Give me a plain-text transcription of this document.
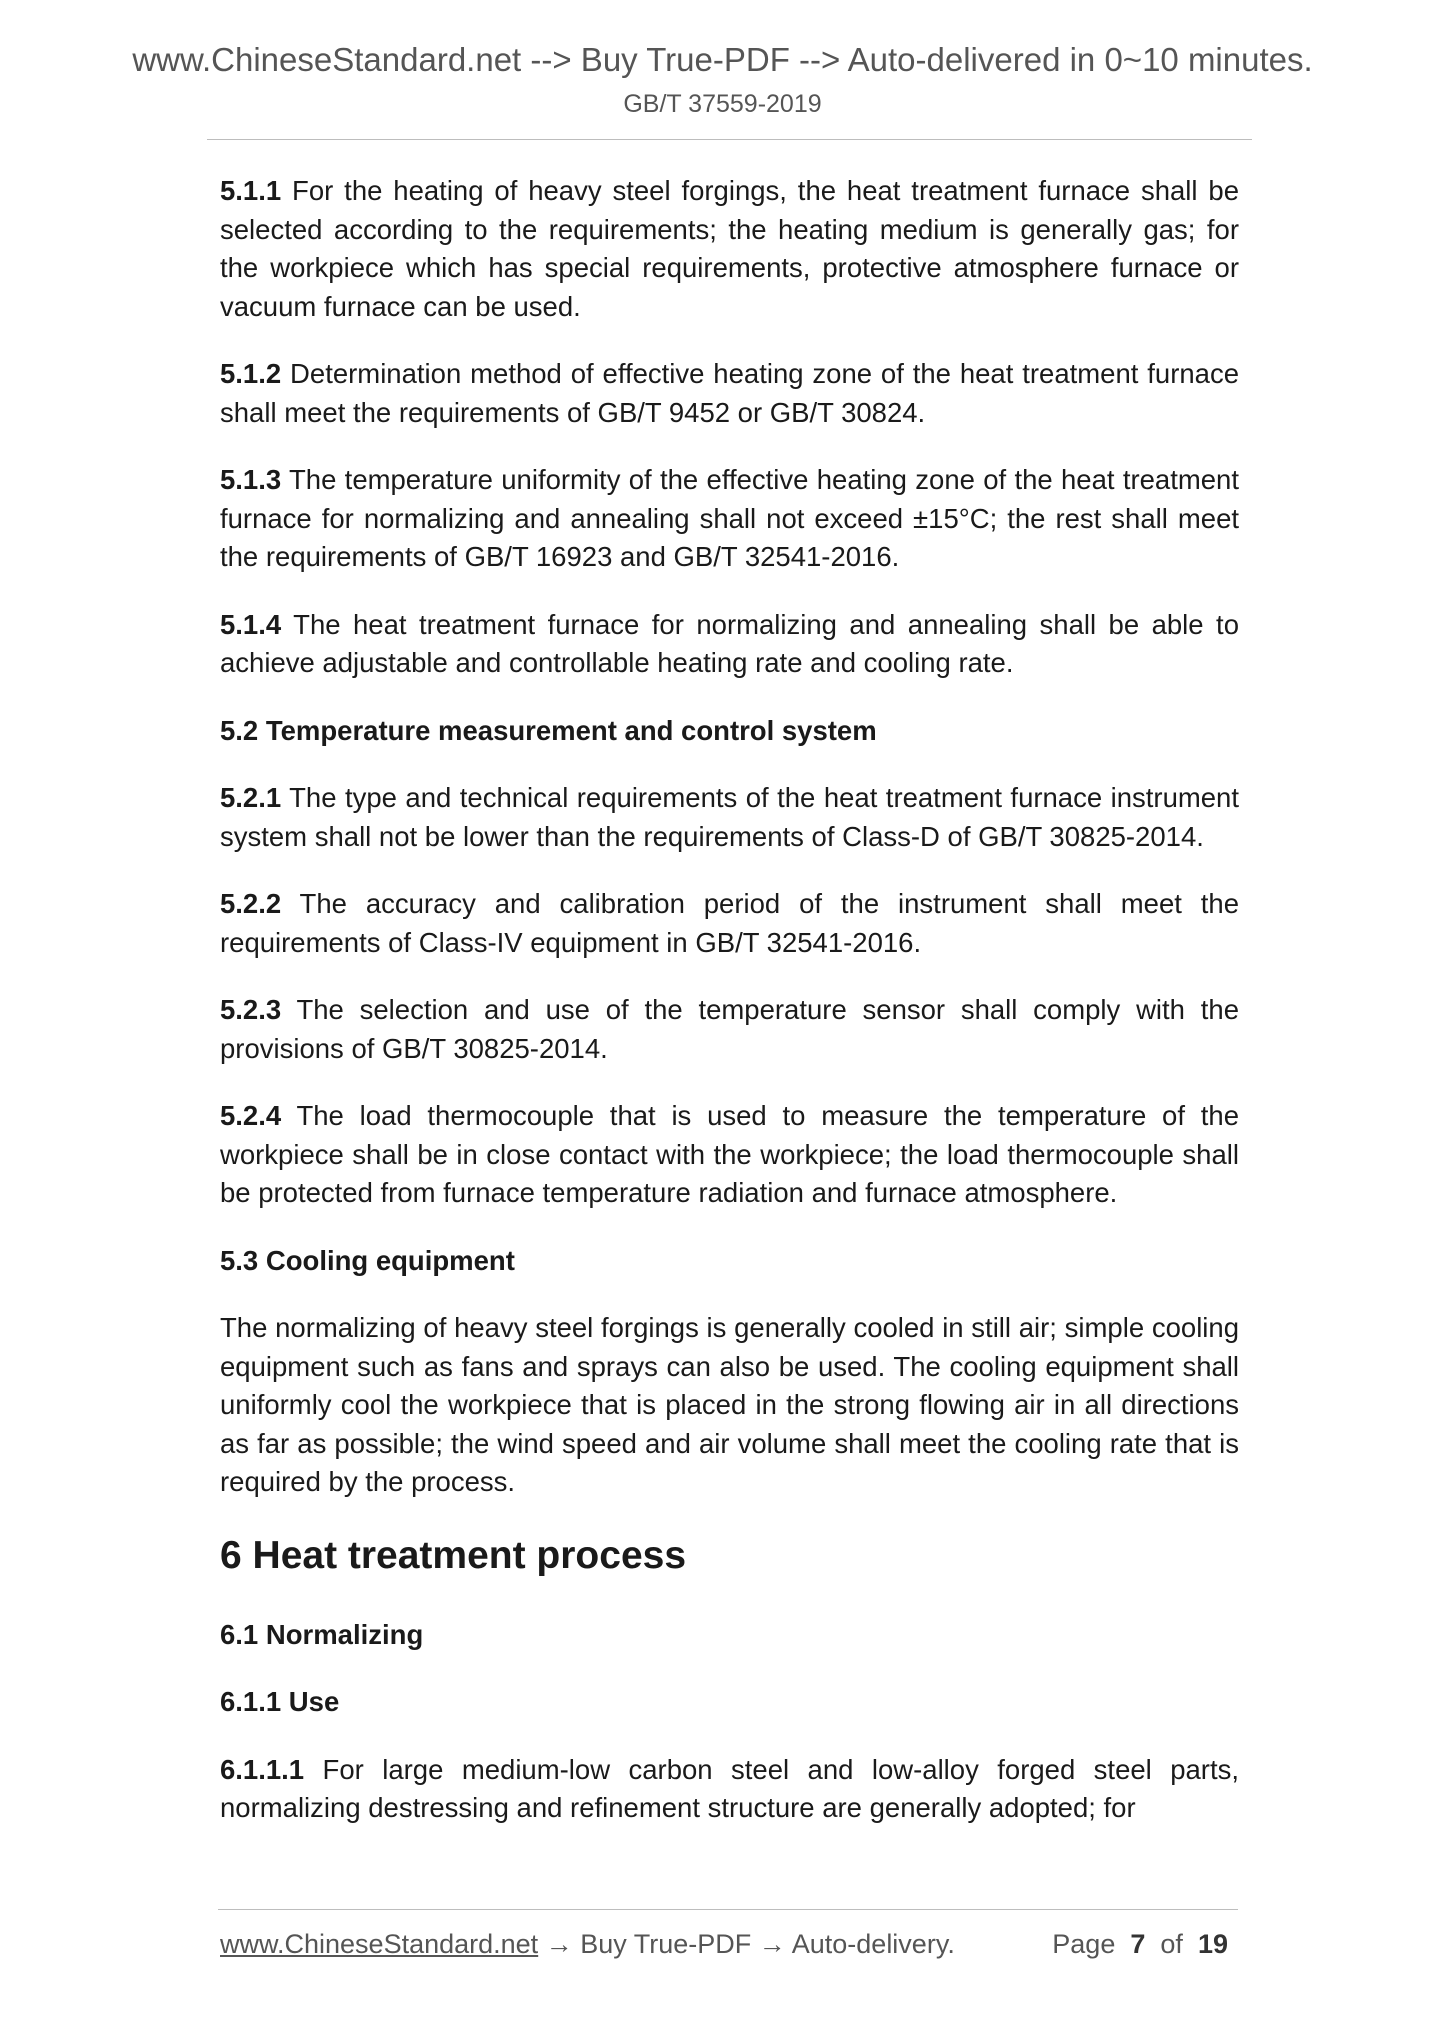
www.ChineseStandard.net --> Buy True-PDF --> Auto-delivered in 0~10 minutes.
GB/T 37559-2019

5.1.1 For the heating of heavy steel forgings, the heat treatment furnace shall be selected according to the requirements; the heating medium is generally gas; for the workpiece which has special requirements, protective atmosphere furnace or vacuum furnace can be used.

5.1.2 Determination method of effective heating zone of the heat treatment furnace shall meet the requirements of GB/T 9452 or GB/T 30824.

5.1.3 The temperature uniformity of the effective heating zone of the heat treatment furnace for normalizing and annealing shall not exceed ±15°C; the rest shall meet the requirements of GB/T 16923 and GB/T 32541-2016.

5.1.4 The heat treatment furnace for normalizing and annealing shall be able to achieve adjustable and controllable heating rate and cooling rate.

5.2 Temperature measurement and control system

5.2.1 The type and technical requirements of the heat treatment furnace instrument system shall not be lower than the requirements of Class-D of GB/T 30825-2014.

5.2.2 The accuracy and calibration period of the instrument shall meet the requirements of Class-IV equipment in GB/T 32541-2016.

5.2.3 The selection and use of the temperature sensor shall comply with the provisions of GB/T 30825-2014.

5.2.4 The load thermocouple that is used to measure the temperature of the workpiece shall be in close contact with the workpiece; the load thermocouple shall be protected from furnace temperature radiation and furnace atmosphere.

5.3 Cooling equipment

The normalizing of heavy steel forgings is generally cooled in still air; simple cooling equipment such as fans and sprays can also be used. The cooling equipment shall uniformly cool the workpiece that is placed in the strong flowing air in all directions as far as possible; the wind speed and air volume shall meet the cooling rate that is required by the process.

6 Heat treatment process

6.1 Normalizing

6.1.1 Use

6.1.1.1 For large medium-low carbon steel and low-alloy forged steel parts, normalizing destressing and refinement structure are generally adopted; for

www.ChineseStandard.net → Buy True-PDF → Auto-delivery.	Page 7 of 19
